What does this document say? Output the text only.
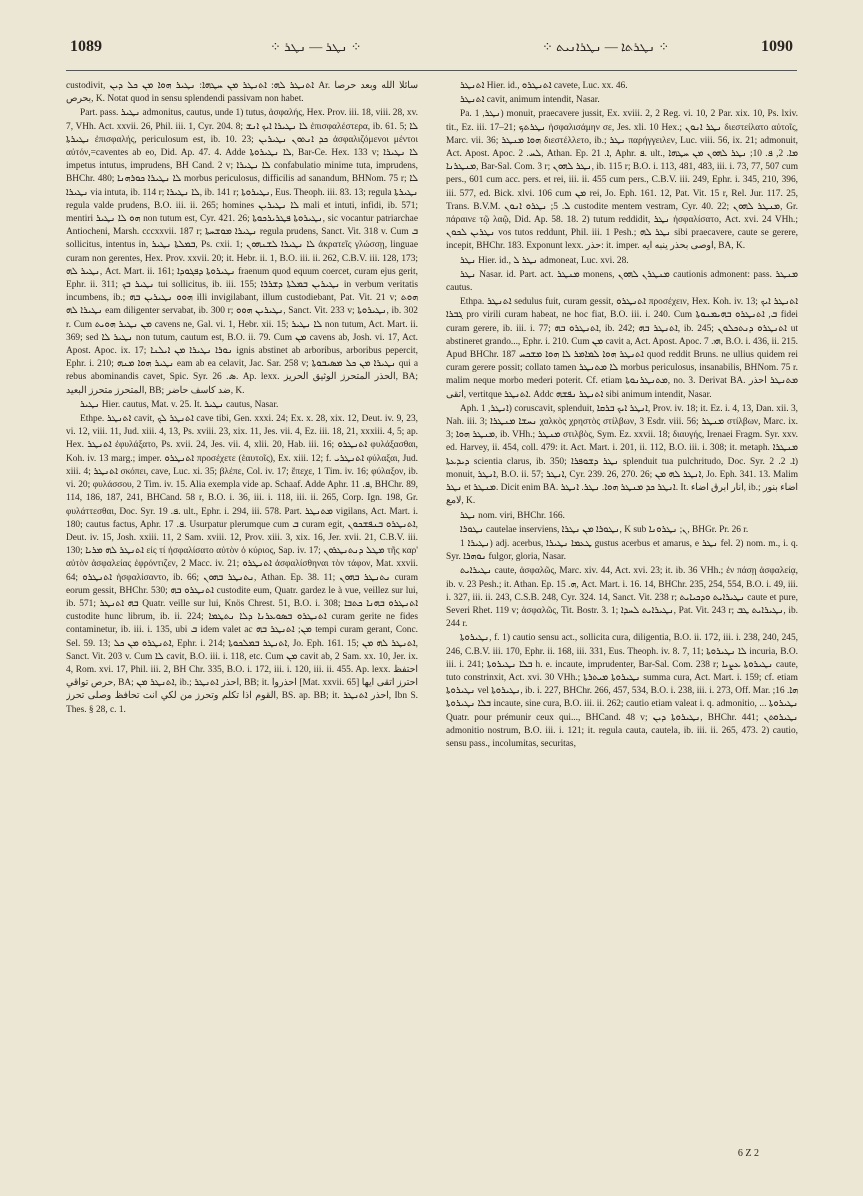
1089	⁘ ܢܛܪ — ܢܛܪ ⁘	⁘ ܢܛܪܬܐ — ܢܛܪܐܢܝܬ ⁘	1090

custodivit, ܐܬܢܛܪ ܠܗ: ܐܬܢܛܪ ܡܢ ܚܛܗܐ: ܢܛܝܪ ܗܘܐ ܡܢ ܟܠ ܕܝܢ Ar. سائلا الله وبعد حرصا بحرص, K. Notat quod in sensu splendendi passivam non habet.

Part. pass. ܢܛܝܪ admonitus, cautus, unde 1) tutus, ἀσφαλής, Hex. Prov. iii. 18, viii. 28, xv. 7, VHh. Act. xxvii. 26, Phil. iii. 1, Cyr. 204. 8; ܠܐ ܢܛܝܪܐ ܐܝܟ ܐܢܫ ἐπισφαλέστερα, ib. 61. 5; ܠܐ ܢܛܝܪܬܐ ἐπισφαλής, periculosum est, ib. 10. 23; ܟܕ ܐܢܬܘܢ ܢܛܝܪܝܢ ἀσφαλιζόμενοι μέντοι αὐτόν,=caventes ab eo, Did. Ap. 47. 4. Adde ܠܐ ܢܛܝܪܘܬܐ, Bar-Ce. Hex. 133 v; ܠܐ ܢܛܝܪܐ impetus intutus, imprudens, BH Cand. 2 v; ܠܐ ܢܛܝܪܐ confabulatio minime tuta, imprudens, BHChr. 480; ܠܐ ܢܛܝܪܐ ܟܘܪܗܢܐ morbus periculosus, difficilis ad sanandum, BHNom. 75 r; ܠܐ ܢܛܝܪܐ via intuta, ib. 114 r; ܠܐ ܢܛܝܪܐ, ib. 141 r; ܢܛܝܪܘܬܐ, Eus. Theoph. iii. 83. 13; regula ܢܛܝܪܬܐ regula valde prudens, B.O. iii. ii. 265; homines ܠܐ ܢܛܝܪܝܢ mali et intuti, infidi, ib. 571; mentiri ܗܘ ܠܐ ܢܛܝܪ non tutum est, Cyr. 421. 26; ܢܛܝܪܘܬܐ ܦܛܪܝܪܟܘܬܐ, sic vocantur patriarchae Antiocheni, Marsh. cccxxvii. 187 r; ܢܛܝܪܐ ܡܘܫܚܬܐ regula prudens, Sanct. Vit. 318 v. Cum ܒ sollicitus, intentus in, ܒܡܠܬܐ ܢܛܝܪ, Ps. cxii. 1; ܠܐ ܢܛܝܪܐ ܠܫܢܗܘܢ ἀκρατεῖς γλώσσῃ, linguae curam non gerentes, Hex. Prov. xxvii. 20; it. Hebr. ii. 1, B.O. iii. ii. 262, C.B.V. iii. 128, 173; ܢܛܝܪ ܠܗ, Act. Mart. ii. 161; ܢܛܝܪܘܬܐ ܕܦܓܘܕܐ fraenum quod equum coercet, curam ejus gerit, Ephr. ii. 311; ܢܛܝܪ ܒܟ tui sollicitus, ib. iii. 155; ܢܛܝܪܝܢ ܒܡܠܬܐ ܕܫܪܪܐ in verbum veritatis incumbens, ib.; ܗܘܘ ܢܛܝܪܝܢ ܒܗ illi invigilabant, illum custodiebant, Pat. Vit. 21 v; ܗܘܬ ܢܛܝܪܐ ܠܗ eam diligenter servabat, ib. 300 r; ܢܛܝܪܝܢ ܗܘܘ, Sanct. Vit. 233 v; ܢܛܝܪܘܬܐ, ib. 302 r. Cum ܡܢ ܢܛܝܪ ܗܘܝܬ cavens ne, Gal. vi. 1, Hebr. xii. 15; ܠܐ ܢܛܝܪ non tutum, Act. Mart. ii. 369; sed ܢܛܝܪ ܠܐ non tutum, cautum est, B.O. ii. 79. Cum ܡܢ cavens ab, Josh. vi. 17, Act. Apost. Apoc. ix. 17; ܢܘܪܐ ܢܛܝܪܐ ܡܢ ܐܝܠܢܐ ignis abstinet ab arboribus, arboribus pepercit, Ephr. i. 210; ܢܛܝܪ ܗܘܐ ܡܢܗ eam ab ea celavit, Jac. Sar. 258 v; ܢܛܝܪܐ ܡܢ ܟܠ ܡܣܝܒܘܬܐ qui a rebus abominandis cavet, Spic. Syr. ܣ. 26. Ap. lexx. الحذر المتحرز الوثيق الحريز, BA; المتحرز متحرز البعيد, BB; ضد كاسف حاضر, K.

ܢܛܝܪ Hier. cautus, Mat. v. 25. It. ܢܛܝܪ cautus, Nasar.

Ethpe. ܐܬܢܛܪ cavit, ܐܬܢܛܪ ܠܟ cave tibi, Gen. xxxi. 24; Ex. x. 28, xix. 12, Deut. iv. 9, 23, vi. 12, viii. 11, Jud. xiii. 4, 13, Ps. xviii. 23, xix. 11, Jes. vii. 4, Ez. iii. 18, 21, xxxiii. 4, 5; ap. Hex. ܐܬܢܛܪ ἐφυλάξατο, Ps. xvii. 24, Jes. vii. 4, xlii. 20, Hab. iii. 16; ܐܬܢܛܪܘ φυλάξασθαι, Koh. iv. 13 marg.; imper. ܐܬܢܛܪܘ προσέχετε (ἑαυτοῖς), Ex. xiii. 12; f. ܐܬܢܛܪܝ φύλαξαι, Jud. xiii. 4; ܐܬܢܛܪ σκόπει, cave, Luc. xi. 35; βλέπε, Col. iv. 17; ἔπεχε, 1 Tim. iv. 16; φύλαξον, ib. vi. 20; φυλάσσου, 2 Tim. iv. 15. Alia exempla vide ap. Schaaf. Adde Aphr. ܦ. 11, BHChr. 89, 114, 186, 187, 241, BHCand. 58 r, B.O. i. 36, iii. i. 118, iii. ii. 265, Corp. Ign. 198, Gr. φυλάττεσθαι, Doc. Syr. ܦ. 19. ult., Ephr. i. 294, iii. 578. Part. ܡܬܢܛܪ vigilans, Act. Mart. i. 180; cautus factus, Aphr. ܦ. 17. Usurpatur plerumque cum ܒ curam egit, ܐܬܢܛܪܘ ܒܢܦܫܟܘܢ, Deut. iv. 15, Josh. xxiii. 11, 2 Sam. xviii. 12, Prov. xiii. 3, xix. 16, Jer. xvii. 21, C.B.V. iii. 130; ܐܬܢܛܪ ܠܗ ܡܪܝܐ εἰς τί ἠσφαλίσατο αὐτὸν ὁ κύριος, Sap. iv. 17; ܡܛܠ ܕܢܬܢܛܪܘܢ τῆς καρ' αὐτὸν ἀσφαλείας ἐφρόντιζεν, 2 Macc. iv. 21; ܐܬܢܛܪܘ ἀσφαλίσθηναι τὸν τάφον, Mat. xxvii. 64; ܐܬܢܛܪܘ ἠσφαλίσαντο, ib. 66; ܢܬܢܛܪ ܒܗܘܢ, Athan. Ep. 38. 11; ܢܬܢܛܪ ܒܗܘܢ curam eorum gessit, BHChr. 530; ܐܬܢܛܪܘ ܒܗ custodite eum, Quatr. gardez le à vue, veillez sur lui, ib. 571; ܒܗ ܐܬܢܛܪ Quatr. veille sur lui, Knös Chrest. 51, B.O. i. 308; ܐܬܢܛܪܘ ܒܗܢܐ ܟܬܒܐ custodite hunc librum, ib. ii. 224; ܐܬܢܛܪܘ ܒܣܘܥܪܢܐ ܕܠܐ ܢܬܛܡܐ curam gerite ne fides contaminetur, ib. iii. i. 135, ubi ܒ idem valet ac ܡܢ; ܐܬܢܛܪ ܒܗ tempi curam gerant, Conc. Sel. 59. 13; ܐܬܢܛܪܘ ܡܢ ܟܠ, Ephr. i. 214; ܐܬܢܛܪ ܒܡܠܟܘܬܐ, Jo. Eph. 161. 15; ܐܬܢܛܪ ܠܗ ܡܢ, Sanct. Vit. 203 v. Cum ܠܐ cavit, B.O. iii. i. 118, etc. Cum ܡܢ cavit ab, 2 Sam. xx. 10, Jer. ix. 4, Rom. xvi. 17, Phil. iii. 2, BH Chr. 335, B.O. i. 172, iii. i. 120, iii. ii. 455. Ap. lexx. احتفظ حرص تواقي, BA; ܐܬܢܛܪ ܡܢ, ib.; احذر ܐܬܢܛܪ, BB; it. احذروا [Mat. xxvii. 65] احترز اتقى ايها القوم اذا تكلم وتحرز من لكي انت تحافظ وصلى تحرز, BS. ap. BB; it. احذر ܐܬܢܛܪ, Ibn S. Thes. § 28, c. 1.

ܐܬܢܛܪ Hier. id., ܐܬܢܛܪܘ cavete, Luc. xx. 46.

ܐܬܢܛܪ cavit, animum intendit, Nasar.

Pa. ܢܛܪ, 1) monuit, praecavere jussit, Ex. xviii. 2, 2 Reg. vi. 10, 2 Par. xix. 10, Ps. lxiv. tit., Ez. iii. 17–21; ܢܛܪܬܟ ἠσφαλισάμην σε, Jes. xli. 10 Hex.; ܢܛܪ ܐܢܘܢ διεστείλατο αὐτοῖς, Marc. vii. 36; ܗܘܐ ܡܢܛܪ διεστέλλετο, ib.; ܢܛܪ παρήγγειλεν, Luc. viii. 56, ix. 21; admonuit, Act. Apost. Apoc. ܠܚ. 2, Athan. Ep. ܐ. 21, Aphr. ܦ. ult., ܡܐ. 2, ܦ. 10; ܢܛܪ ܠܗܘܢ ܡܢ ܚܛܗܐ ܡܢܛܪܢܐ, Bar-Sal. Com. 3 r; ܢܛܪ ܠܗܘܢ, ib. 115 r; B.O. i. 113, 481, 483, iii. i. 73, 77, 507 cum pers., 601 cum acc. pers. et rei, iii. ii. 455 cum pers., C.B.V. iii. 249, Ephr. i. 345, 210, 396, iii. 577, ed. Bick. xlvi. 106 cum ܡܢ rei, Jo. Eph. 161. 12, Pat. Vit. 15 r, Rel. Jur. 117. 25, Trans. B.V.M. ܠ. 5; ܢܛܪܘ ܐܢܘܢ custodite mentem vestram, Cyr. 40. 22; ܡܢܛܪ ܠܗܘܢ, Gr. πάραινε τῷ λαῷ, Did. Ap. 58. 18. 2) tutum reddidit, ܢܛܪ ἠσφαλίσατο, Act. xvi. 24 VHh.; ܢܛܪܝܢ ܠܟܘܢ vos tutos reddunt, Phil. iii. 1 Pesh.; ܢܛܪ ܠܗ sibi praecavere, caute se gerere, incepit, BHChr. 183. Exponunt lexx. حذر: it. imper. اوصى بحذر ينبه ايه, BA, K.

ܢܛܪ Hier. id., ܢܛܪ ܠ admoneat, Luc. xvi. 28.

ܢܛܪ Nasar. id. Part. act. ܡܢܛܪ monens, ܡܢܛܪܢ ܠܗܘܢ cautionis admonent: pass. ܡܢܛܪ cautus.

Ethpa. ܐܬܢܛܪ sedulus fuit, curam gessit, ܐܬܢܛܪܘ προσέχειν, Hex. Koh. iv. 13; ܐܬܢܛܪ ܐܝܟ ܓܒܪܐ pro virili curam habeat, ne hoc fiat, B.O. iii. i. 240. Cum ܒ, ܐܬܢܛܪܘ ܒܗܝܡܢܘܬܐ fidei curam gerere, ib. iii. i. 77; ܐܬܢܛܪܘ ܒܗ, ib. 242; ܐܬܢܛܪ ܒܗ, ib. 245; ܐܬܢܛܪܘ ܕܢܬܟܠܘܢ ut abstineret grando..., Ephr. i. 210. Cum ܡܢ cavit a, Act. Apost. Apoc. ܗܝ. 7, B.O. i. 436, ii. 215. Apud BHChr. 187 ܐܬܢܛܪ ܗܘܐ ܠܡܐܡܪ ܠܐ ܗܘܐ ܡܫܟܚ quod reddit Bruns. ne ullius quidem rei curam gerere possit; collato tamen ܠܐ ܡܬܢܛܪ morbus periculosus, insanabilis, BHNom. 75 r. malim neque morbo mederi poterit. Cf. etiam ܡܬܢܛܪܢܘܬܐ, no. 3. Derivat BA. ܡܬܢܛܪ احذر اتقى, vertitque ܐܬܢܛܪ. Addc ܐܬܢܛܪ ܢܦܫܗ sibi animum intendit, Nasar.

Aph. ܐܢܛܪ, 1) coruscavit, splenduit, ܐܢܛܪ ܐܝܟ ܒܪܩܐ, Prov. iv. 18; it. Ez. i. 4, 13, Dan. xii. 3, Nah. iii. 3; ܢܚܫܐ ܡܢܛܪܐ χαλκὸς χρηστὸς στίλβων, 3 Esdr. viii. 56; ܡܢܛܪ στίλβων, Marc. ix. 3; ܡܢܛܪ ܗܘܐ, ib. VHh.; ܡܢܛܪ στιλβὸς, Sym. Ez. xxvii. 18; διαυγής, Irenaei Fragm. Syr. xxv. ed. Harvey, ii. 454, coll. 479: it. Act. Mart. i. 201, ii. 112, B.O. iii. i. 308; it. metaph. ܡܢܛܪܐ ܕܝܕܥܬܐ scientia clarus, ib. 350; ܢܛܪ ܕܫܘܦܪܐ splenduit tua pulchritudo, Doc. Syr. ܐ. 2. 2) monuit, ܐܢܛܪ, B.O. ii. 57; ܐܢܛܪ, Cyr. 239. 26, 270. 26; ܐܢܛܪ ܠܗ ܡܢ, Jo. Eph. 341. 13. Malim ܢܛܪ et ܡܢܛܪ. Dicit enim BA. ܐܢܛܪ ܟܕ ܡܢܛܪ ܗܘܐ. ܢܛܪ. ܐܢܛܪ. It. انار ابرق اضاء, ib.; اضاء بنور لامع, K.

ܢܛܪ nom. viri, BHChr. 166.

ܢܛܘܪܐ cautelae inserviens, ܢܛܘܪܐ ܡܢ ܢܛܪܐ, K sub ܢ; ܢܛܪܘܢܐ, BHGr. Pr. 26 r.

ܢܛܝܪܐ 1) adj. acerbus, ܛܥܡܐ ܢܛܝܪܐ gustus acerbus et amarus, e ܢܛܪ fel. 2) nom. m., i. q. Syr. ܢܘܗܪܐ fulgor, gloria, Nasar.

ܢܛܝܪܐܝܬ caute, ἀσφαλῶς, Marc. xiv. 44, Act. xvi. 23; it. ib. 36 VHh.; ἐν πάσῃ ἀσφαλείᾳ, ib. v. 23 Pesh.; it. Athan. Ep. ܗ. 15, Act. Mart. i. 16. 14, BHChr. 235, 254, 554, B.O. i. 49, iii. i. 327, iii. ii. 243, C.S.B. 248, Cyr. 324. 14, Sanct. Vit. 238 r; ܢܛܝܪܐܝܬ ܘܕܟܝܐܝܬ caute et pure, Severi Rhet. 119 v; ἀσφαλῶς, Tit. Bostr. 3. 1; ܢܛܝܪܐܝܬ ܠܚܕܐ, Pat. Vit. 243 r; ܢܛܝܪܐܝܬ ܛܒ, ib. 244 r.

ܢܛܝܪܘܬܐ, f. 1) cautio sensu act., sollicita cura, diligentia, B.O. ii. 172, iii. i. 238, 240, 245, 246, C.B.V. iii. 170, Ephr. ii. 168, iii. 331, Eus. Theoph. iv. 8. 7, 11; ܠܐ ܢܛܝܪܘܬܐ incuria, B.O. iii. i. 241; ܒܠܐ ܢܛܝܪܘܬܐ h. e. incaute, imprudenter, Bar-Sal. Com. 238 r; ܢܛܝܪܘܬܐ ܥܨܝܐ caute, tuto constrinxit, Act. xvi. 30 VHh.; ܢܛܝܪܘܬܐ ܡܝܬܪܬܐ summa cura, Act. Mart. i. 159; cf. etiam ܢܛܝܪܘܬܐ vel ܢܛܝܪܘܬܐ, ib. i. 227, BHChr. 266, 457, 534, B.O. i. 238, iii. i. 273, Off. Mar. ܗܐ. 16; ܒܠܐ ܢܛܝܪܘܬܐ incaute, sine cura, B.O. iii. ii. 262; cautio etiam valeat i. q. admonitio, ... ܢܛܝܪܘܬܐ Quatr. pour prémunir ceux qui..., BHCand. 48 v; ܢܛܝܪܘܬܐ ܕܝܢ, BHChr. 441; ܢܛܝܪܘܬܢ admonitio nostrum, B.O. iii. i. 121; it. regula cauta, cautela, ib. iii. ii. 265, 473. 2) cautio, sensu pass., incolumitas, securitas,

6 Z 2
